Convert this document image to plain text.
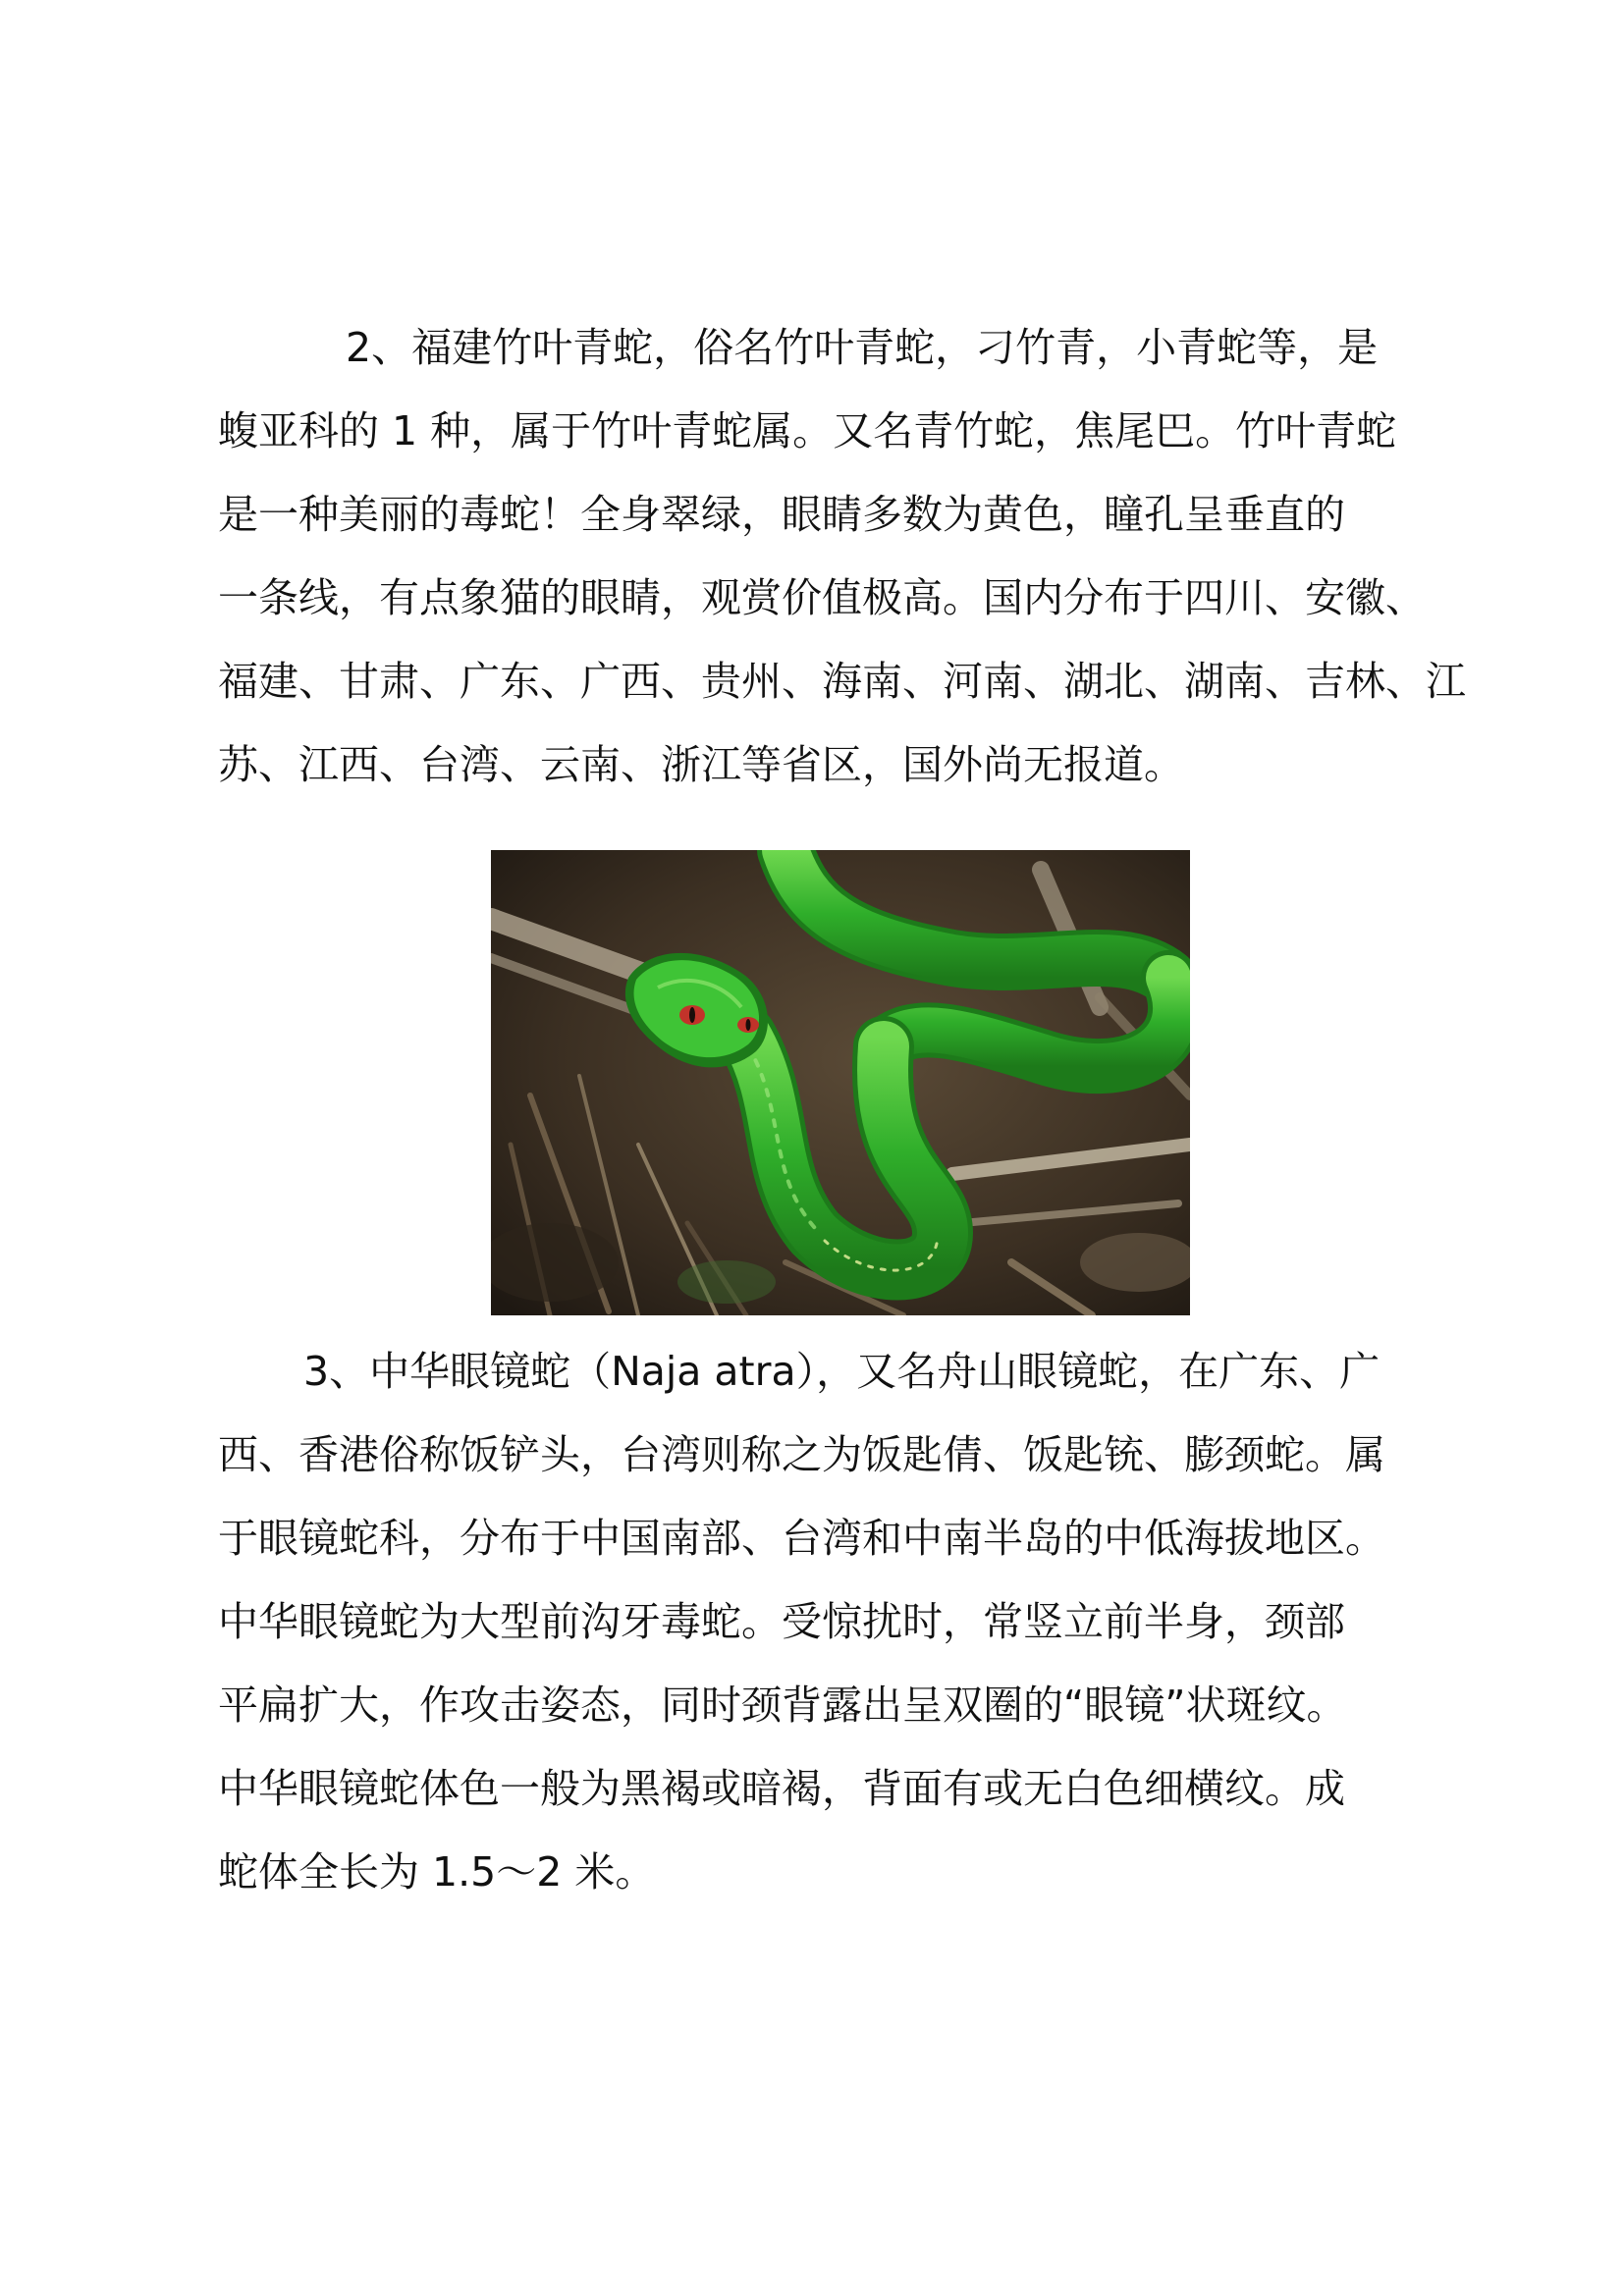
2、福建竹叶青蛇，俗名竹叶青蛇，刁竹青，小青蛇等，是
蝮亚科的 1 种，属于竹叶青蛇属。又名青竹蛇，焦尾巴。竹叶青蛇
是一种美丽的毒蛇！全身翠绿，眼睛多数为黄色，瞳孔呈垂直的
一条线，有点象猫的眼睛，观赏价值极高。国内分布于四川、安徽、
福建、甘肃、广东、广西、贵州、海南、河南、湖北、湖南、吉林、江
苏、江西、台湾、云南、浙江等省区，国外尚无报道。
3、中华眼镜蛇（Naja atra），又名舟山眼镜蛇，在广东、广
西、香港俗称饭铲头，台湾则称之为饭匙倩、饭匙铳、膨颈蛇。属
于眼镜蛇科，分布于中国南部、台湾和中南半岛的中低海拔地区。
中华眼镜蛇为大型前沟牙毒蛇。受惊扰时，常竖立前半身，颈部
平扁扩大，作攻击姿态，同时颈背露出呈双圈的“眼镜”状斑纹。
中华眼镜蛇体色一般为黑褐或暗褐，背面有或无白色细横纹。成
蛇体全长为 1.5～2 米。
